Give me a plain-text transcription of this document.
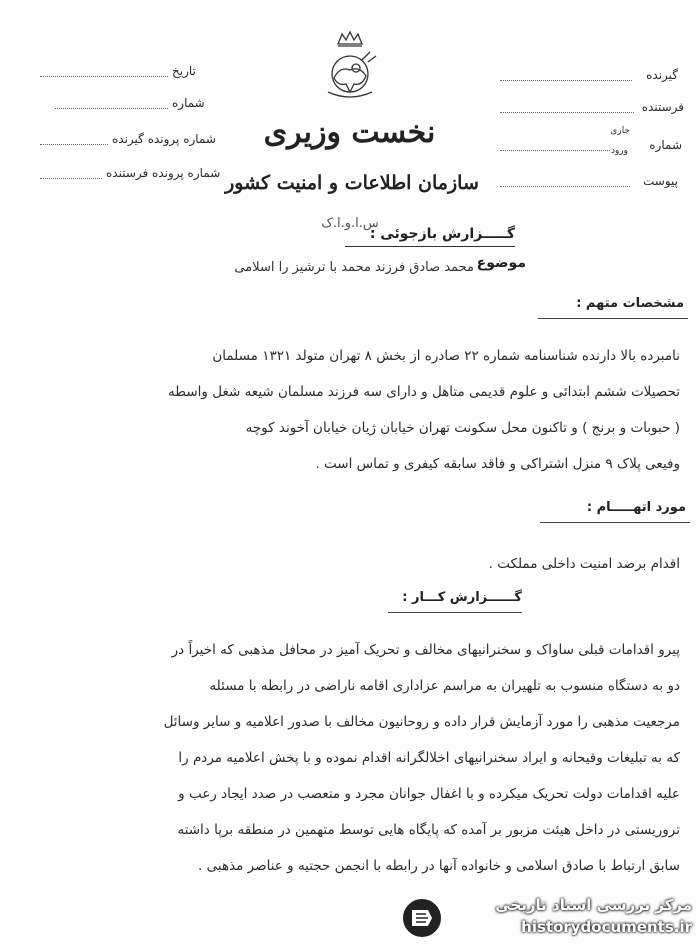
تاریخ
شماره
شماره پرونده گیرنده
شماره پرونده فرستنده
گیرنده
فرستنده
شماره
جاری
ورود
پیوست
نخست وزیری
سازمان اطلاعات و امنیت کشور
س.ا.و.ا.ک
گـــــزارش بازجوئی :
موضوع
محمد صادق فرزند محمد با ترشیز را اسلامی
مشخصات متهم :
نامبرده بالا دارنده شناسنامه شماره ۲۲ صادره از بخش ۸ تهران متولد ۱۳۲۱ مسلمان
تحصیلات ششم ابتدائی و علوم قدیمی متاهل و دارای سه فرزند مسلمان شیعه شغل واسطه
( حبوبات و برنج ) و تاکنون محل سکونت تهران خیابان ژیان خیابان آخوند کوچه
وفیعی پلاک ۹ منزل اشتراکی و فاقد سابقه کیفری و تماس است .
مورد اتهـــــام :
اقدام برضد امنیت داخلی مملکت .
گــــــزارش کـــار :
پیرو اقدامات قبلی ساواک و سخنرانیهای مخالف و تحریک آمیز در محافل مذهبی که اخیراً در
دو به دستگاه منسوب به تلهیران به مراسم عزاداری اقامه ناراضی در رابطه با مسئله
مرجعیت مذهبی را مورد آزمایش قرار داده و روحانیون مخالف با صدور اعلامیه و سایر وسائل
که به تبلیغات وقیحانه و ایراد سخنرانیهای اخلالگرانه اقدام نموده و با پخش اعلامیه مردم را
علیه اقدامات دولت تحریک میکرده و با اغفال جوانان مجرد و متعصب در صدد ایجاد رعب و
تروریستی در داخل هیئت مزبور بر آمده که پایگاه هایی توسط متهمین در منطقه برپا داشته
سابق ارتباط با صادق اسلامی و خانواده آنها در رابطه با انجمن حجتیه و عناصر مذهبی .
مرکز بررسی اسناد تاریخی
historydocuments.ir
